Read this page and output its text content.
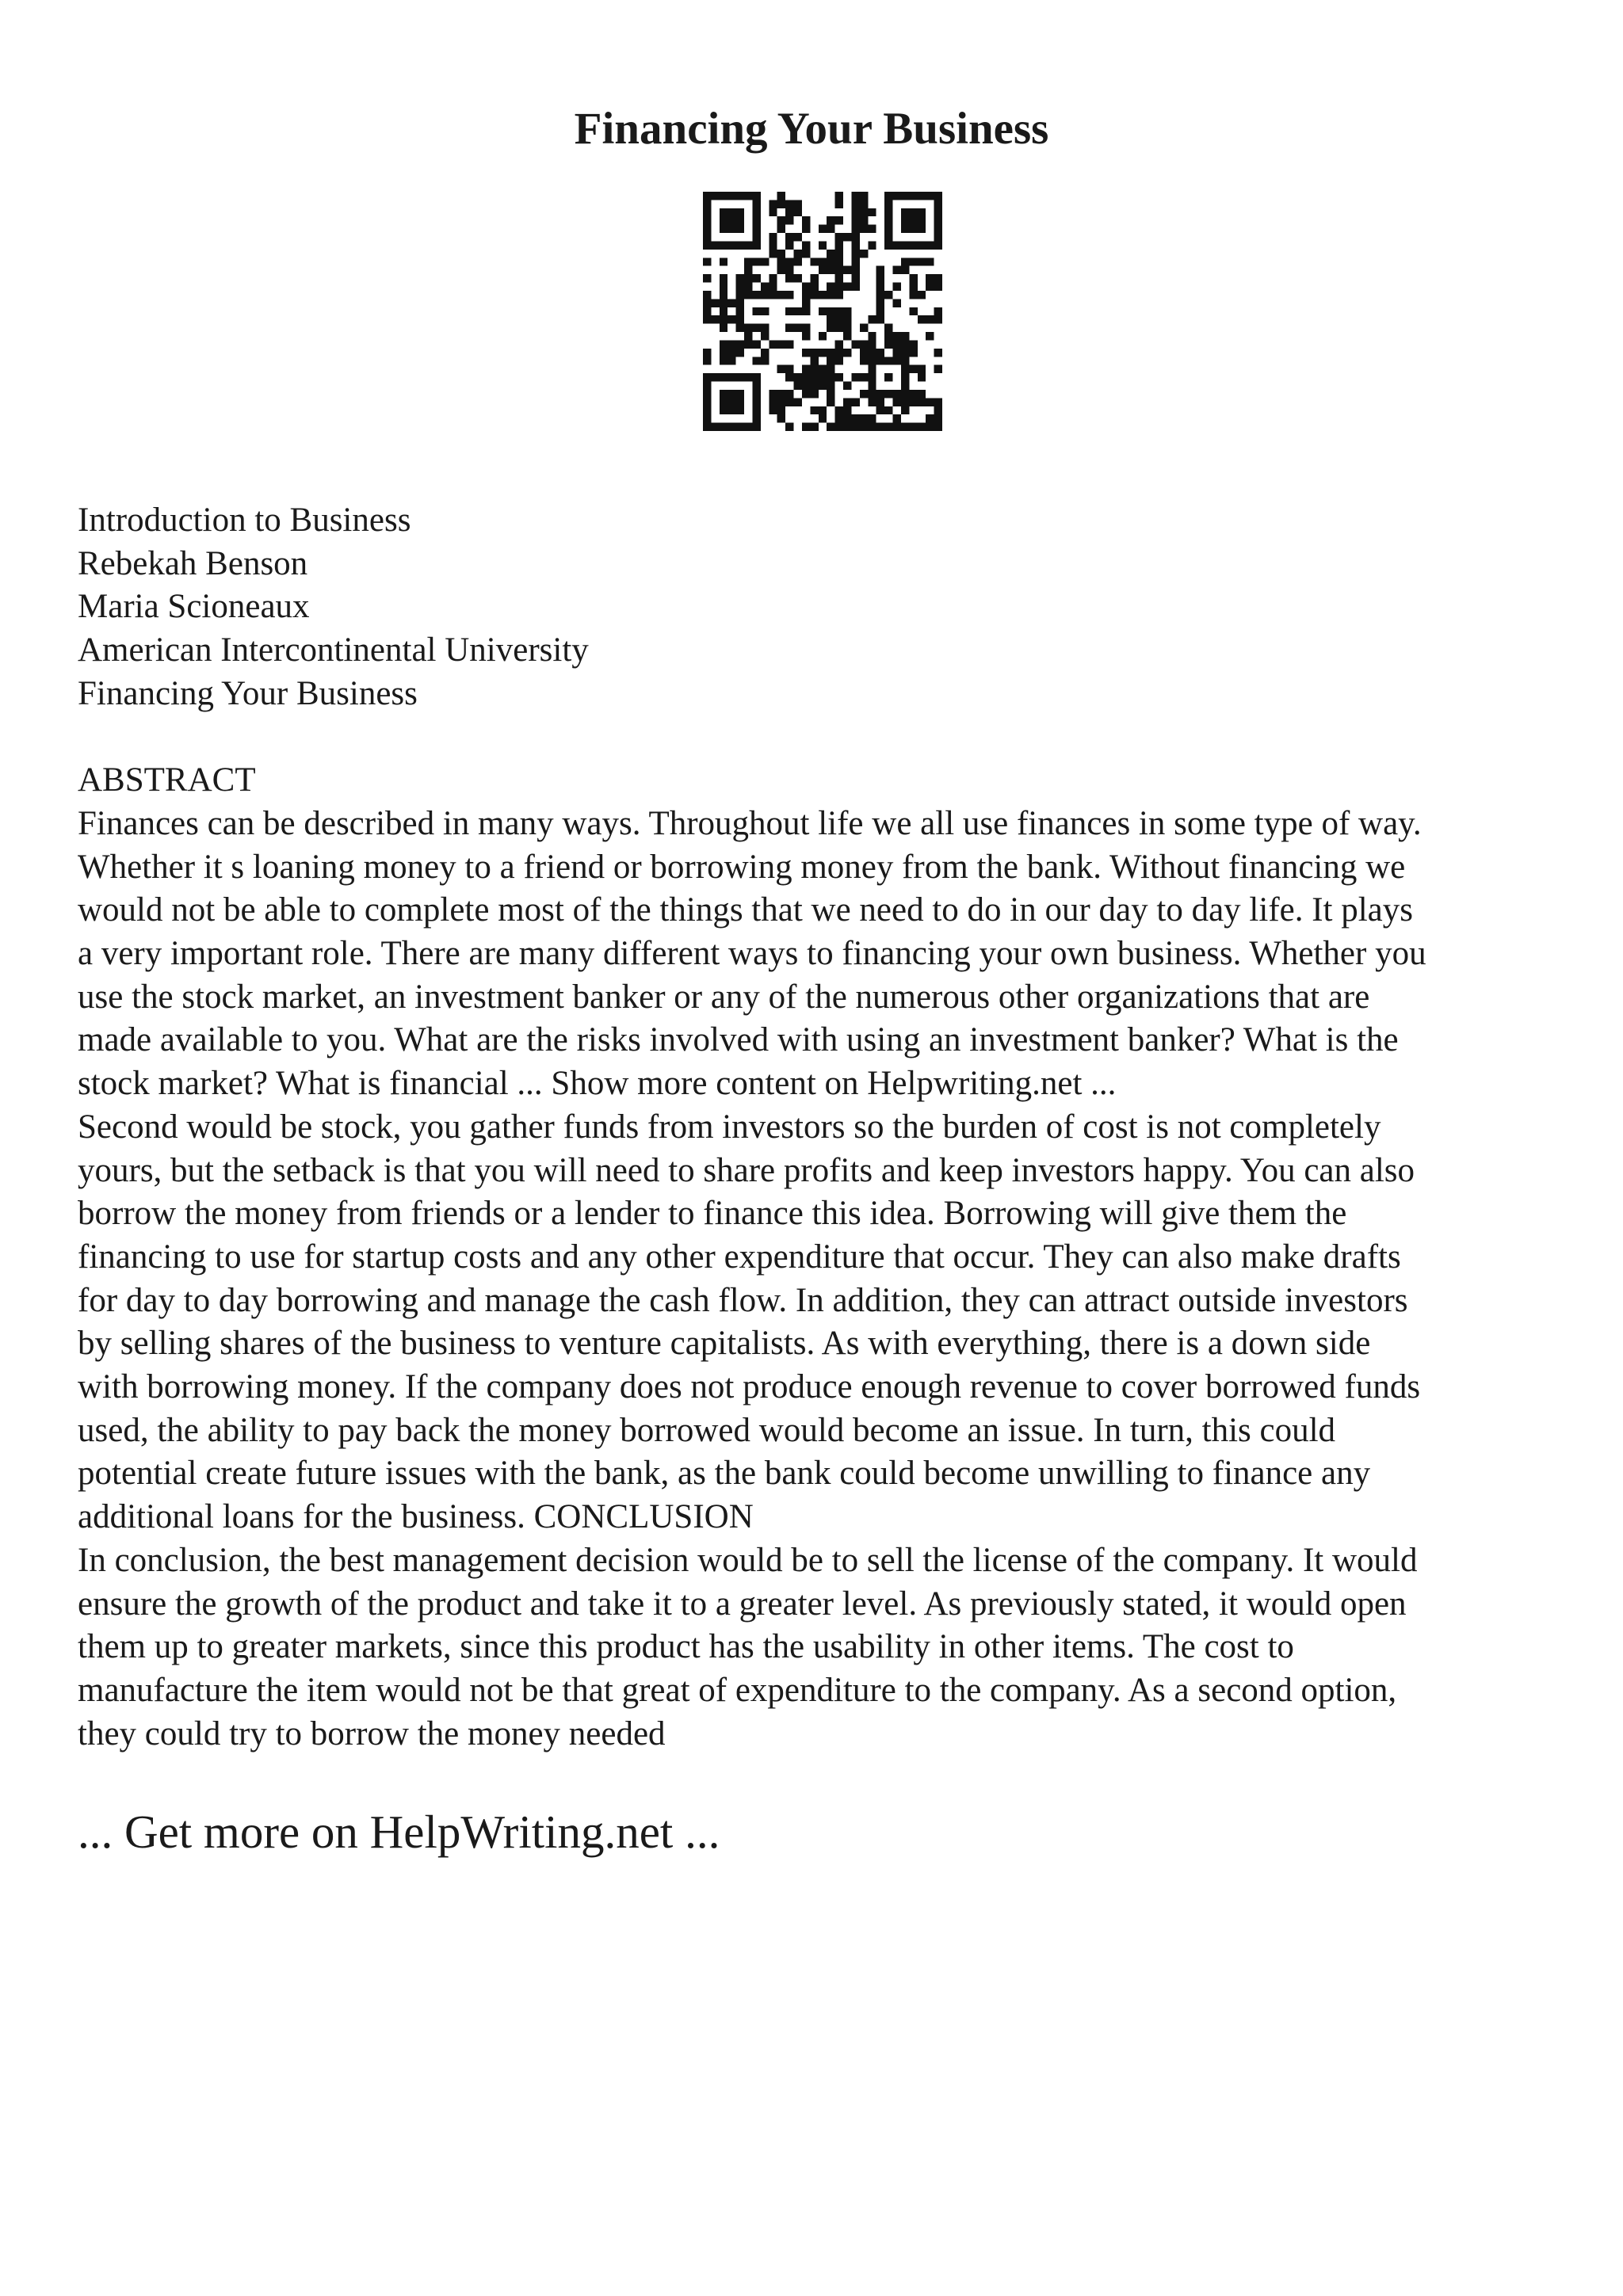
Financing Your Business
Introduction to Business
Rebekah Benson
Maria Scioneaux
American Intercontinental University
Financing Your Business
ABSTRACT
Finances can be described in many ways. Throughout life we all use finances in some type of way.
Whether it s loaning money to a friend or borrowing money from the bank. Without financing we
would not be able to complete most of the things that we need to do in our day to day life. It plays
a very important role. There are many different ways to financing your own business. Whether you
use the stock market, an investment banker or any of the numerous other organizations that are
made available to you. What are the risks involved with using an investment banker? What is the
stock market? What is financial ... Show more content on Helpwriting.net ...
Second would be stock, you gather funds from investors so the burden of cost is not completely
yours, but the setback is that you will need to share profits and keep investors happy. You can also
borrow the money from friends or a lender to finance this idea. Borrowing will give them the
financing to use for startup costs and any other expenditure that occur. They can also make drafts
for day to day borrowing and manage the cash flow. In addition, they can attract outside investors
by selling shares of the business to venture capitalists. As with everything, there is a down side
with borrowing money. If the company does not produce enough revenue to cover borrowed funds
used, the ability to pay back the money borrowed would become an issue. In turn, this could
potential create future issues with the bank, as the bank could become unwilling to finance any
additional loans for the business. CONCLUSION
In conclusion, the best management decision would be to sell the license of the company. It would
ensure the growth of the product and take it to a greater level. As previously stated, it would open
them up to greater markets, since this product has the usability in other items. The cost to
manufacture the item would not be that great of expenditure to the company. As a second option,
they could try to borrow the money needed
... Get more on HelpWriting.net ...
